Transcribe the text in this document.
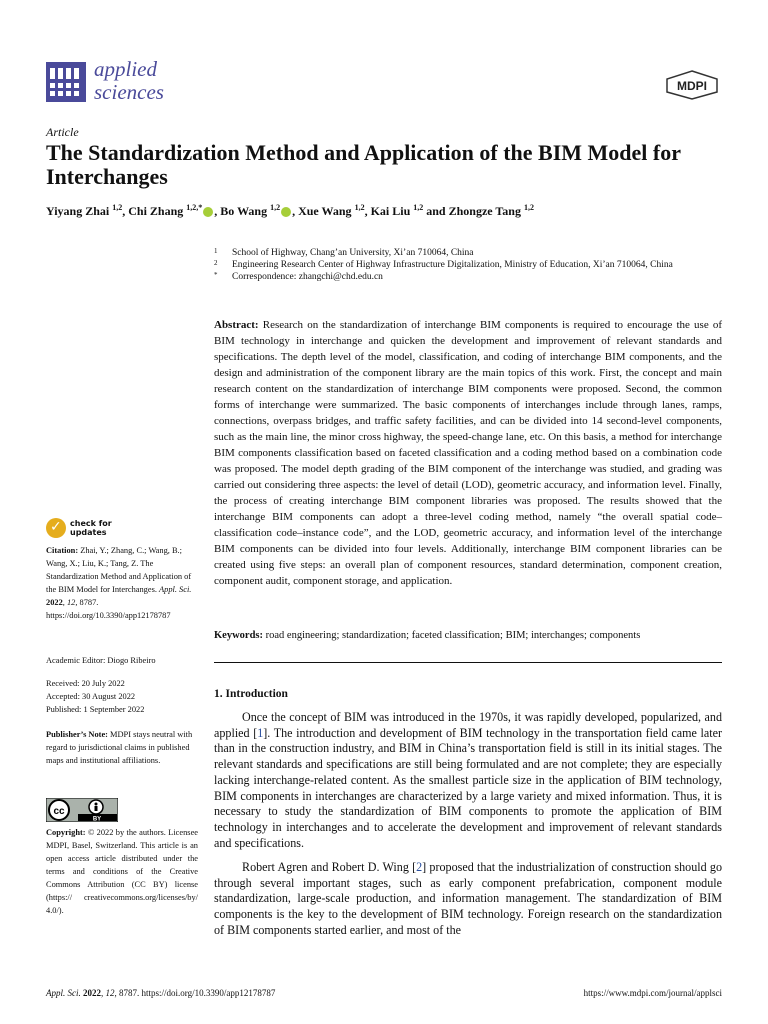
applied
sciences	MDPI
Article
The Standardization Method and Application of the BIM Model for Interchanges
Yiyang Zhai $^{1,2}$, Chi Zhang $^{1,2,*}$ , Bo Wang $^{1,2}$ , Xue Wang $^{1,2}$, Kai Liu $^{1,2}$ and Zhongze Tang $^{1,2}$
1 School of Highway, Chang’an University, Xi’an 710064, China
2 Engineering Research Center of Highway Infrastructure Digitalization, Ministry of Education, Xi’an 710064, China
* Correspondence: zhangchi@chd.edu.cn

Abstract: Research on the standardization of interchange BIM components is required to encourage the use of BIM technology in interchange and quicken the development and improvement of relevant standards and specifications. The depth level of the model, classification, and coding of interchange BIM components, and the design and administration of the component library are the main topics of this work. First, the concept and main research content on the standardization of interchange BIM components were proposed. Second, the common forms of interchange were summarized. The basic components of interchanges include through lanes, ramps, connections, overpass bridges, and traffic safety facilities, and can be divided into 14 second-level components, such as the main line, the minor cross highway, the speed-change lane, etc. On this basis, a method for interchange BIM components classification based on faceted classification and a coding method based on a combination code was proposed. The model depth grading of the BIM component of the interchange was studied, and grading was carried out considering three aspects: the level of detail (LOD), geometric accuracy, and information level. Finally, the process of creating interchange BIM component libraries was proposed. The results showed that the interchange BIM components can adopt a three-level coding method, namely “the overall spatial code–classification code–instance code”, and the LOD, geometric accuracy, and information level of the interchange BIM components can be divided into four levels. Additionally, interchange BIM component libraries can be created using five steps: an overall plan of component resources, standard determination, component creation, component audit, component storage, and application.

Keywords: road engineering; standardization; faceted classification; BIM; interchanges; components

✓ check for
updates
Citation: Zhai, Y.; Zhang, C.; Wang, B.; Wang, X.; Liu, K.; Tang, Z. The Standardization Method and Application of the BIM Model for Interchanges. Appl. Sci. 2022, 12, 8787. https://doi.org/10.3390/app12178787
Academic Editor: Diogo Ribeiro
Received: 20 July 2022
Accepted: 30 August 2022
Published: 1 September 2022
Publisher’s Note: MDPI stays neutral with regard to jurisdictional claims in published maps and institutional affiliations.
cc
BY
Copyright: © 2022 by the authors. Licensee MDPI, Basel, Switzerland. This article is an open access article distributed under the terms and conditions of the Creative Commons Attribution (CC BY) license (https:// creativecommons.org/licenses/by/ 4.0/).
1. Introduction

Once the concept of BIM was introduced in the 1970s, it was rapidly developed, popularized, and applied [1]. The introduction and development of BIM technology in the transportation field came later than in the construction industry, and BIM in China’s transportation field is still in its initial stages. The relevant standards and specifications are still being formulated and are not complete; they are especially lacking interchange-related content. As the smallest particle size in the application of BIM technology, BIM components in interchanges are characterized by a large variety and mixed information. Thus, it is necessary to study the standardization of BIM components to promote the application of BIM technology in interchanges and to accelerate the development and improvement of relevant standards and specifications.

Robert Agren and Robert D. Wing [2] proposed that the industrialization of construction should go through several important stages, such as early component prefabrication, component module standardization, large-scale production, and information management. The standardization of BIM components is the key to the development of BIM technology. Foreign research on the standardization of BIM components started earlier, and most of the

Appl. Sci. 2022, 12, 8787. https://doi.org/10.3390/app12178787	https://www.mdpi.com/journal/applsci
